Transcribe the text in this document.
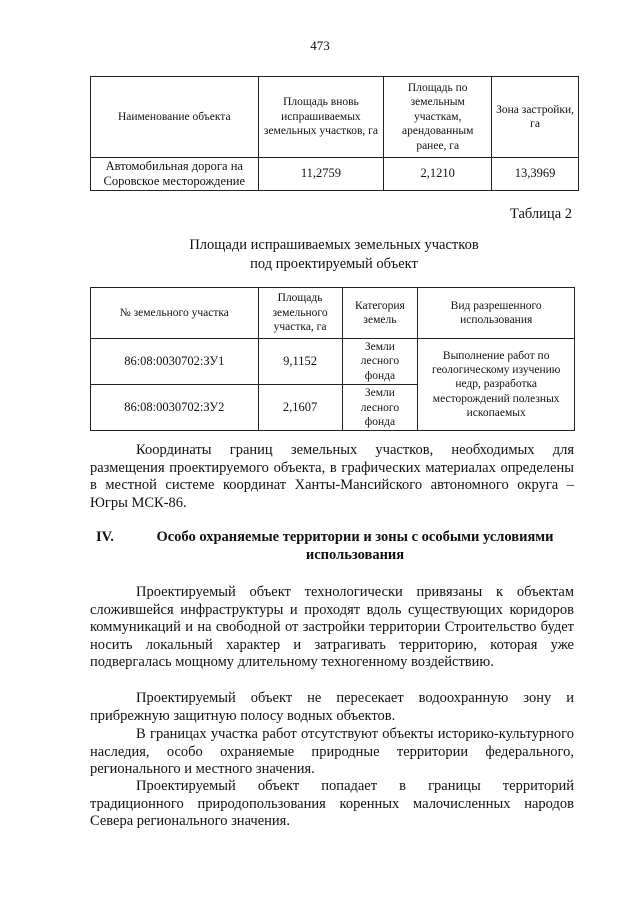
473
Наименование объекта	Площадь вновь испрашиваемых земельных участков, га	Площадь по земельным участкам, арендованным ранее, га	Зона застройки, га
Автомобильная дорога на
Соровское месторождение	11,2759	2,1210	13,3969
Таблица 2
Площади испрашиваемых земельных участков
под проектируемый объект
№ земельного участка	Площадь земельного участка, га	Категория земель	Вид разрешенного использования
86:08:0030702:ЗУ1	9,1152	Земли лесного фонда	Выполнение работ по геологическому изучению недр, разработка месторождений полезных ископаемых
86:08:0030702:ЗУ2	2,1607	Земли лесного фонда	

Координаты границ земельных участков, необходимых для размещения проектируемого объекта, в графических материалах определены в местной системе координат Ханты-Мансийского автономного округа – Югры МСК-86.

IV.	Особо охраняемые территории и зоны с особыми условиями использования

Проектируемый объект технологически привязаны к объектам сложившейся инфраструктуры и проходят вдоль существующих коридоров коммуникаций и на свободной от застройки территории Строительство будет носить локальный характер и затрагивать территорию, которая уже подвергалась мощному длительному техногенному воздействию.

Проектируемый объект не пересекает водоохранную зону и прибрежную защитную полосу водных объектов.

В границах участка работ отсутствуют объекты историко-культурного наследия, особо охраняемые природные территории федерального, регионального и местного значения.

Проектируемый объект попадает в границы территорий традиционного природопользования коренных малочисленных народов Севера регионального значения.
